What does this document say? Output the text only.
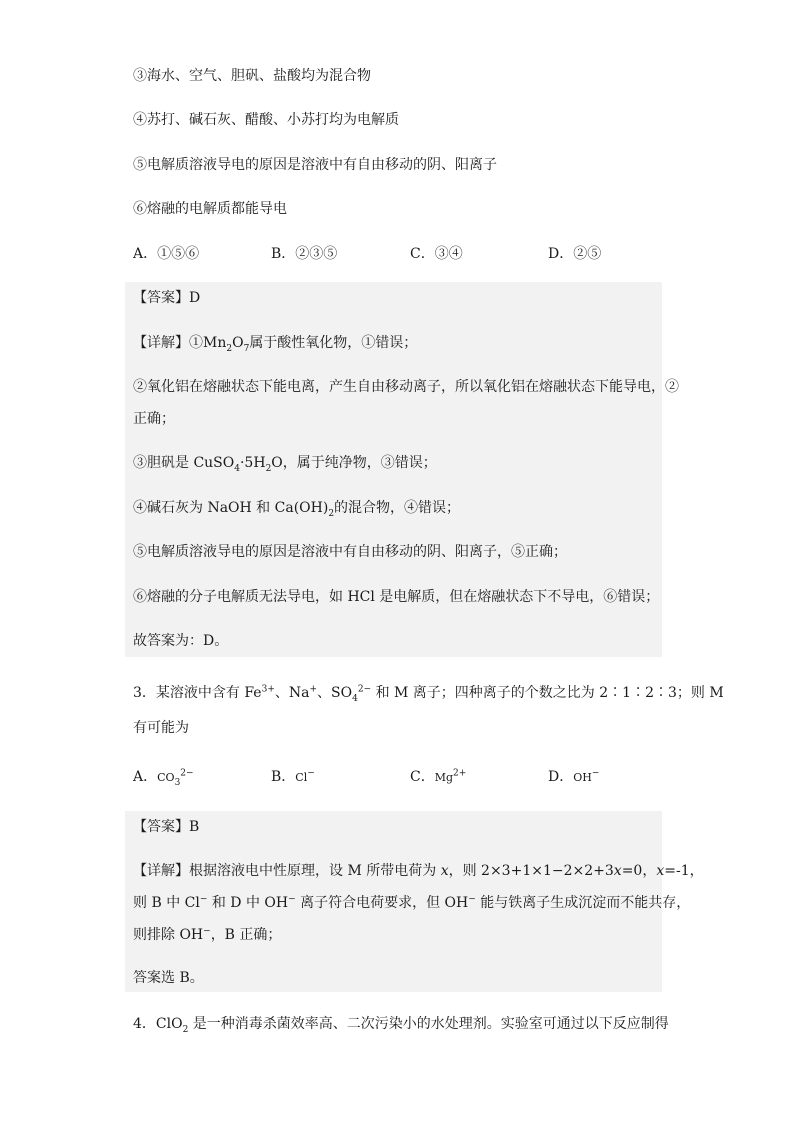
③海水、空气、胆矾、盐酸均为混合物
④苏打、碱石灰、醋酸、小苏打均为电解质
⑤电解质溶液导电的原因是溶液中有自由移动的阴、阳离子
⑥熔融的电解质都能导电
A．①⑤⑥	B．②③⑤	C．③④	D．②⑤
【答案】D
【详解】$①Mn_2O_7$属于酸性氧化物，①错误；
②氧化铝在熔融状态下能电离，产生自由移动离子，所以氧化铝在熔融状态下能导电，②
正确；
③胆矾是 $CuSO_4\cdot 5H_2O$，属于纯净物，③错误；
④碱石灰为 NaOH 和 $Ca(OH)_2$的混合物，④错误；
⑤电解质溶液导电的原因是溶液中有自由移动的阴、阳离子，⑤正确；
⑥熔融的分子电解质无法导电，如 HCl 是电解质，但在熔融状态下不导电，⑥错误；
故答案为：D。
3．某溶液中含有 $Fe^{3+}$、Na+、$SO_4^{2-}$ 和 M 离子；四种离子的个数之比为 2∶1∶2∶3；则 M
有可能为
A．$CO_3^{2-}$	B．Cl−	C．$Mg^{2+}$	D．OH−
【答案】B
【详解】根据溶液电中性原理，设 M 所带电荷为 x，则 2×3+1×1−2×2+3x=0，x=-1，
则 B 中 Cl− 和 D 中 OH− 离子符合电荷要求，但 OH− 能与铁离子生成沉淀而不能共存，
则排除 OH−，B 正确；
答案选 B。
4．ClO$_2$ 是一种消毒杀菌效率高、二次污染小的水处理剂。实验室可通过以下反应制得
